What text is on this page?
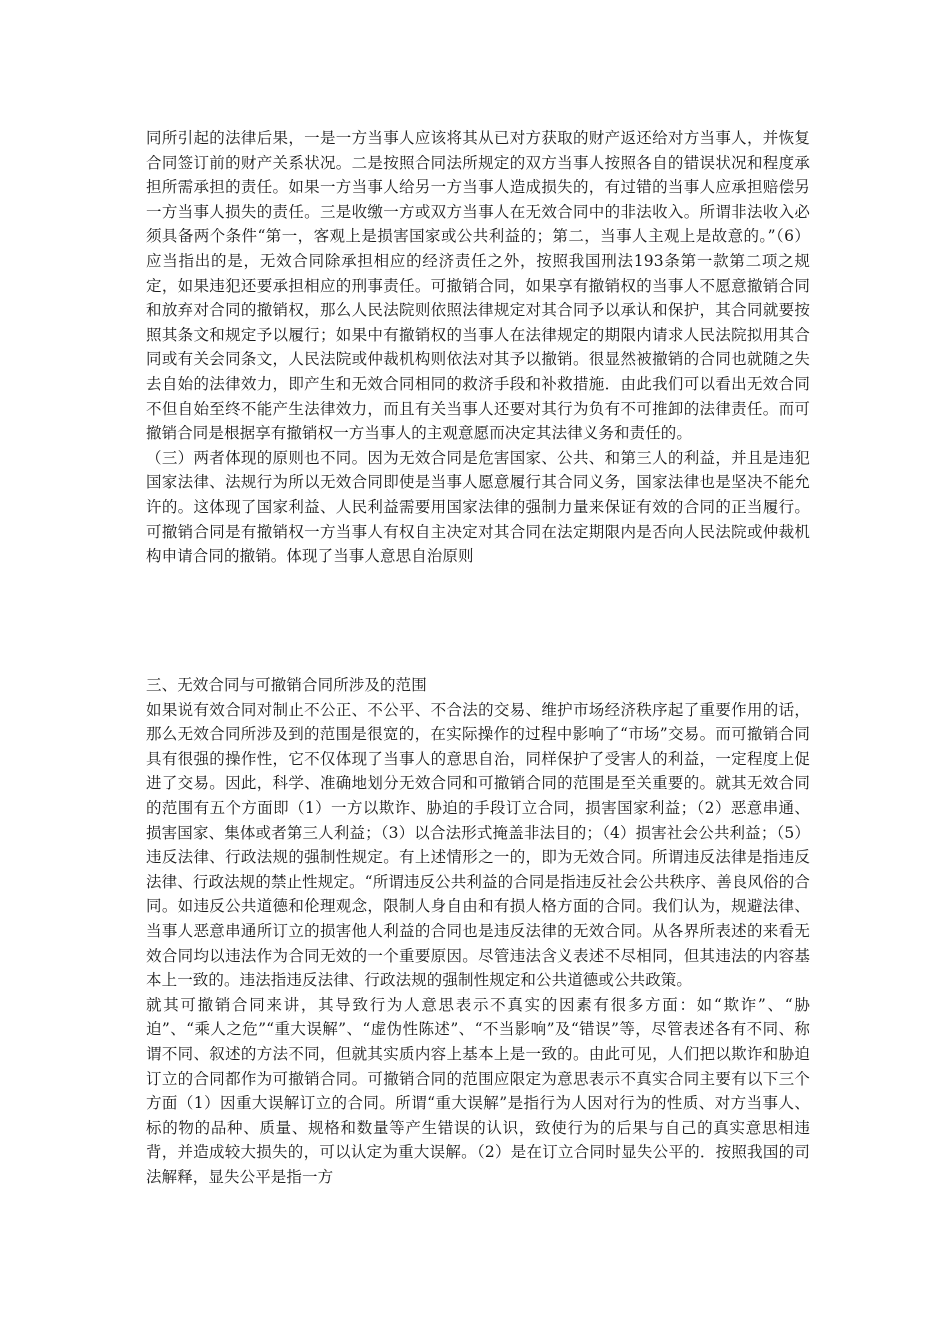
同所引起的法律后果，一是一方当事人应该将其从已对方获取的财产返还给对方当事人，并恢复合同签订前的财产关系状况。二是按照合同法所规定的双方当事人按照各自的错误状况和程度承担所需承担的责任。如果一方当事人给另一方当事人造成损失的，有过错的当事人应承担赔偿另一方当事人损失的责任。三是收缴一方或双方当事人在无效合同中的非法收入。所谓非法收入必须具备两个条件“第一，客观上是损害国家或公共利益的；第二，当事人主观上是故意的。”（6）应当指出的是，无效合同除承担相应的经济责任之外，按照我国刑法193条第一款第二项之规定，如果违犯还要承担相应的刑事责任。可撤销合同，如果享有撤销权的当事人不愿意撤销合同和放弃对合同的撤销权，那么人民法院则依照法律规定对其合同予以承认和保护，其合同就要按照其条文和规定予以履行；如果中有撤销权的当事人在法律规定的期限内请求人民法院拟用其合同或有关会同条文，人民法院或仲裁机构则依法对其予以撤销。很显然被撤销的合同也就随之失去自始的法律效力，即产生和无效合同相同的救济手段和补救措施．由此我们可以看出无效合同不但自始至终不能产生法律效力，而且有关当事人还要对其行为负有不可推卸的法律责任。而可撤销合同是根据享有撤销权一方当事人的主观意愿而决定其法律义务和责任的。

（三）两者体现的原则也不同。因为无效合同是危害国家、公共、和第三人的利益，并且是违犯国家法律、法规行为所以无效合同即使是当事人愿意履行其合同义务，国家法律也是坚决不能允许的。这体现了国家利益、人民利益需要用国家法律的强制力量来保证有效的合同的正当履行。可撤销合同是有撤销权一方当事人有权自主决定对其合同在法定期限内是否向人民法院或仲裁机构申请合同的撤销。体现了当事人意思自治原则

三、无效合同与可撤销合同所涉及的范围

如果说有效合同对制止不公正、不公平、不合法的交易、维护市场经济秩序起了重要作用的话，那么无效合同所涉及到的范围是很宽的，在实际操作的过程中影响了“市场”交易。而可撤销合同具有很强的操作性，它不仅体现了当事人的意思自治，同样保护了受害人的利益，一定程度上促进了交易。因此，科学、准确地划分无效合同和可撤销合同的范围是至关重要的。就其无效合同的范围有五个方面即（1）一方以欺诈、胁迫的手段订立合同，损害国家利益；（2）恶意串通、损害国家、集体或者第三人利益；（3）以合法形式掩盖非法目的；（4）损害社会公共利益；（5）违反法律、行政法规的强制性规定。有上述情形之一的，即为无效合同。所谓违反法律是指违反法律、行政法规的禁止性规定。“所谓违反公共利益的合同是指违反社会公共秩序、善良风俗的合同。如违反公共道德和伦理观念，限制人身自由和有损人格方面的合同。我们认为，规避法律、当事人恶意串通所订立的损害他人利益的合同也是违反法律的无效合同。从各界所表述的来看无效合同均以违法作为合同无效的一个重要原因。尽管违法含义表述不尽相同，但其违法的内容基本上一致的。违法指违反法律、行政法规的强制性规定和公共道德或公共政策。

就其可撤销合同来讲，其导致行为人意思表示不真实的因素有很多方面：如“欺诈”、“胁迫”、“乘人之危”“重大误解”、“虚伪性陈述”、“不当影响”及“错误”等，尽管表述各有不同、称谓不同、叙述的方法不同，但就其实质内容上基本上是一致的。由此可见，人们把以欺诈和胁迫订立的合同都作为可撤销合同。可撤销合同的范围应限定为意思表示不真实合同主要有以下三个方面（1）因重大误解订立的合同。所谓“重大误解”是指行为人因对行为的性质、对方当事人、标的物的品种、质量、规格和数量等产生错误的认识，致使行为的后果与自己的真实意思相违背，并造成较大损失的，可以认定为重大误解。（2）是在订立合同时显失公平的．按照我国的司法解释，显失公平是指一方
